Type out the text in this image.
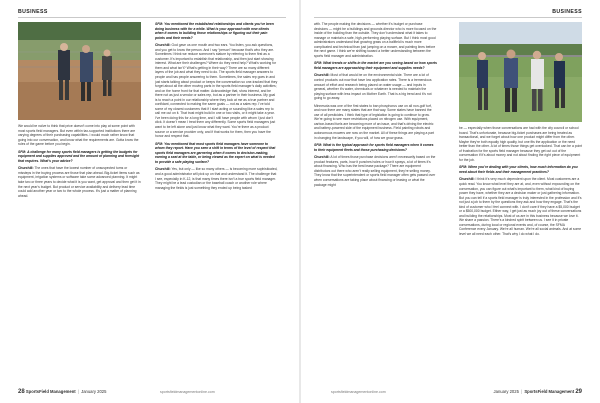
BUSINESS

We would be naïve to think that price doesn’t come into play at some point with most sports field managers. But even within tax-supported institutions there are varying degrees of their purchasing capabilities. I would much rather know that going into our conversation, and know what the requirements are. Gotta know the rules of the game before you begin.

SFM: A challenge for many sports field managers is getting the budgets for equipment and supplies approved and the amount of planning and foresight that requires. What’s your advice?

Churchill: The ones that have the lowest number of unsuspected turns or missteps in the buying process are those that plan ahead. Big-ticket items such as equipment, irrigation systems or software take some advanced planning. It might take two or three years to decide what it is you want, get approval and then get it in the next year’s budget. But product or service availability and delivery lead time could add another year or two to the whole process. It’s just a matter of planning ahead.

SFM: You mentioned the established relationships and clients you’ve been doing business with for a while. What is your approach with new clients when it comes to building those relationships or figuring out their pain points and their needs?

Churchill: God gave us one mouth and two ears. You listen, you ask questions, and you get to know the person. And I say “person” because that’s who they are. Sometimes I think we reduce someone’s stature by referring to them first as a customer. It’s important to establish that relationship, and then just start showing interest. What are their challenges? Where do they need help? What’s working for them and what isn’t? What’s getting in their way? There are so many different layers of the job and what they need to do. The sports field manager answers to people and has people answering to them. Sometimes, the sales rep goes in and just starts talking about product or keeps the conversation so one-tracked that they forget about all the other moving parts in the sports field manager’s daily activities; and on the home front for that matter. Acknowledge that, show interest, and be there not as just a vendor or sales rep, but as a partner in their business. My goal is to reach a point in our relationship where they look at me as a true partner and confidant, connected to making the same goals — not as a sales rep. I’ve told some of my closest customers that if I start acting or sounding like a sales rep to call me out on it. That trust might build in one or two visits, or it might take a year. I’ve been doing this for a long time, and I still have people with whom I just don’t click. It doesn’t mean I treat them any differently. Some sports field managers just want to be left alone and just know what they want. You’re there as a product source or a service provider only, and if that works for them, then you have the honor and respect that.

SFM: You mentioned that most sports field managers have someone to whom they report. Have you seen a shift in terms of the level of respect that sports field managers are garnering when it comes to decision-making, earning a seat at the table, or being viewed as the expert on what is needed to provide a safe playing surface?

Churchill: Yes, but only — like so many others — is becoming more sophisticated, and a good administrator will pick up on that and understand it. The challenge that I see, especially in K-12, is that many times there isn’t a true sports field manager. They might be a lead custodian or the baseball coach or another role where managing the fields is just something they ended up being tasked

28 SportsField Management | January 2025	sportsfieldmanagementonline.com
BUSINESS

with. The people making the decisions — whether it’s budget or purchase decisions — might be a buildings and grounds director who is more focused on the inside of the building than the outside. They don’t understand what it takes to manage or maintain a safe, high-performing playing surface. But I think most good administrators understand that growing grass on a ballfield is much more complicated and technical than just jumping on a mower, and painting lines before the next game. I think we’re shifting toward a better understanding between the sports field manager and administration.

SFM: What trends or shifts in the market are you seeing based on how sports field managers are approaching their equipment and supplies needs?

Churchill: Most of that would be on the environmental side. There are a lot of control products out now that have low application rates. There is a tremendous amount of effort and research being placed on water usage — and inputs in general, whether it’s water, chemicals or whatever is needed to maintain the playing surface with less impact on Mother Earth. That is a big trend and it’s not going to go away.

Minnesota was one of the first states to ban phosphorus use on all non-golf turf, and now there are many states that are that way. Some states have banned the use of all pesticides. I think that type of legislation is going to continue to grow. We’re going to see more restrictions placed on nitrogen use. With equipment, carbon-based fuels are becoming more of an issue, and that’s driving the electric and battery-powered side of the equipment business. Field painting robots and autonomous mowers are now on the market. All of these things are playing a part in changing the landscape, if you will, of how we grow grass.

SFM: What is the typical approach for sports field managers when it comes to their equipment fleets and those purchasing decisions?

Churchill: A lot of times those purchase decisions aren’t necessarily based on the product features, parts, how it punches holes or how it sprays, a lot of times it’s about financing. Who has the best lease package? There are equipment distributors out there who aren’t really selling equipment, they’re selling money. They know that the superintendent or sports field manager often gets passed over when conversations are taking place about financing or leasing or what the package might

be — especially when those conversations are had with the city council or school board. That’s unfortunate, because big-ticket purchases are being treated as transactional, and we forget about how one product might differ from the other. Maybe they’re both equally high quality, but one fits the application or the need better than the other. A lot of times those things get overlooked. That can be a point of frustration for the sports field manager because they get out out of the conversation if it’s about money and not about finding the right piece of equipment for the job.

SFM: When you’re dealing with your clients, how much information do you need about their fields and their management practices?

Churchill: I think it’s very much dependent upon the client. Most customers are a quick read. You know what level they are at, and, even without expounding on the conversation, you can figure out what’s important to them, what kind of buying power they have, whether they are a decision maker or just gathering information. But you can tell if a sports field manager is truly interested in the profession and it’s not just a job to them by the questions they ask and how they engage. That’s the kind of customer who I feel connect with. I don’t care if they have a $5,000 budget or a $500,000 budget. Either way, I get just as much joy out of these conversations and building the relationships. Most of us are in this business because we love it. We share a passion. There’s a kindred spirit between us. I see it in private conversations, during local or regional events and, of course, the SFMA Conference every January. We’re all human. We’re all social animals. And at some level we all need each other. That’s why I do what I do.

sportsfieldmanagementonline.com	January 2025 | SportsField Management 29
